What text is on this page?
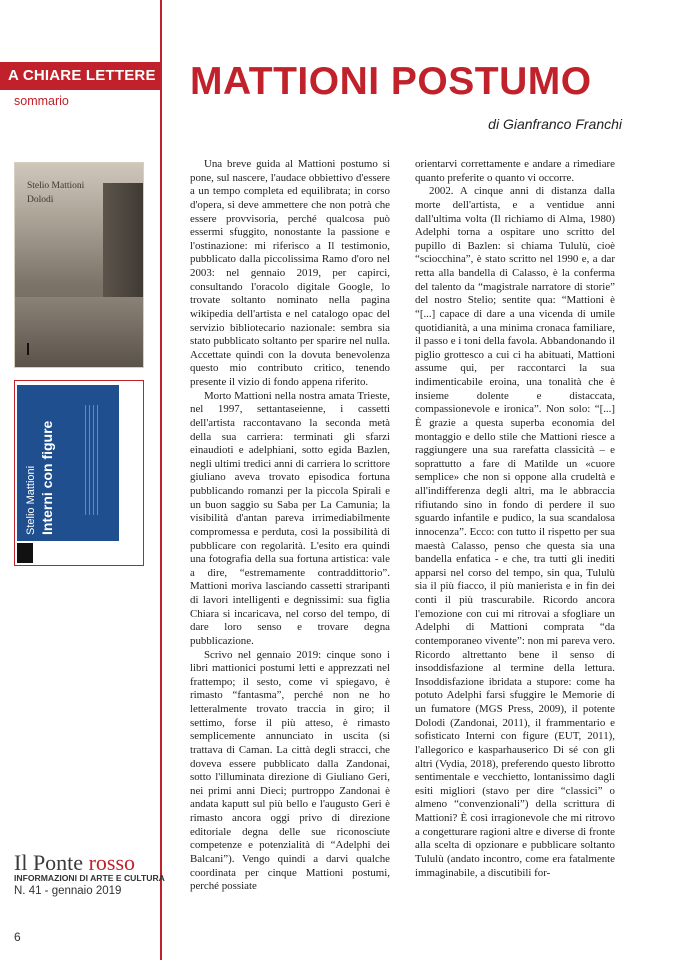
A CHIARE LETTERE
sommario	MATTIONI POSTUMO
di Gianfranco Franchi
Stelio Mattioni
Dolodi
Stelio Mattioni Interni con figure

Una breve guida al Mattioni postumo si pone, sul nascere, l'audace obbiettivo d'essere a un tempo completa ed equilibrata; in corso d'opera, si deve ammettere che non potrà che essere provvisoria, perché qualcosa può essermi sfuggito, nonostante la passione e l'ostinazione: mi riferisco a Il testimonio, pubblicato dalla piccolissima Ramo d'oro nel 2003: nel gennaio 2019, per capirci, consultando l'oracolo digitale Google, lo trovate soltanto nominato nella pagina wikipedia dell'artista e nel catalogo opac del servizio bibliotecario nazionale: sembra sia stato pubblicato soltanto per sparire nel nulla. Accettate quindi con la dovuta benevolenza questo mio contributo critico, tenendo presente il vizio di fondo appena riferito.

Morto Mattioni nella nostra amata Trieste, nel 1997, settantaseienne, i cassetti dell'artista raccontavano la seconda metà della sua carriera: terminati gli sfarzi einaudioti e adelphiani, sotto egida Bazlen, negli ultimi tredici anni di carriera lo scrittore giuliano aveva trovato episodica fortuna pubblicando romanzi per la piccola Spirali e un buon saggio su Saba per La Camunia; la visibilità d'antan pareva irrimediabilmente compromessa e perduta, così la possibilità di pubblicare con regolarità. L'esito era quindi una fotografia della sua fortuna artistica: vale a dire, “estremamente contraddittorio”. Mattioni moriva lasciando cassetti straripanti di lavori intelligenti e degnissimi: sua figlia Chiara si incaricava, nel corso del tempo, di dare loro senso e trovare degna pubblicazione.

Scrivo nel gennaio 2019: cinque sono i libri mattionici postumi letti e apprezzati nel frattempo; il sesto, come vi spiegavo, è rimasto “fantasma”, perché non ne ho letteralmente trovato traccia in giro; il settimo, forse il più atteso, è rimasto semplicemente annunciato in uscita (si trattava di Caman. La città degli stracci, che doveva essere pubblicato dalla Zandonai, sotto l'illuminata direzione di Giuliano Geri, nei primi anni Dieci; purtroppo Zandonai è andata kaputt sul più bello e l'augusto Geri è rimasto ancora oggi privo di direzione editoriale degna delle sue riconosciute competenze e potenzialità di “Adelphi dei Balcani”). Vengo quindi a darvi qualche coordinata per cinque Mattioni postumi, perché possiate

orientarvi correttamente e andare a rimediare quanto preferite o quanto vi occorre.

2002. A cinque anni di distanza dalla morte dell'artista, e a ventidue anni dall'ultima volta (Il richiamo di Alma, 1980) Adelphi torna a ospitare uno scritto del pupillo di Bazlen: si chiama Tululù, cioè “sciocchina”, è stato scritto nel 1990 e, a dar retta alla bandella di Calasso, è la conferma del talento da “magistrale narratore di storie” del nostro Stelio; sentite qua: “Mattioni è “[...] capace di dare a una vicenda di umile quotidianità, a una minima cronaca familiare, il passo e i toni della favola. Abbandonando il piglio grottesco a cui ci ha abituati, Mattioni assume qui, per raccontarci la sua indimenticabile eroina, una tonalità che è insieme dolente e distaccata, compassionevole e ironica”. Non solo: “[...] È grazie a questa superba economia del montaggio e dello stile che Mattioni riesce a raggiungere una sua rarefatta classicità – e soprattutto a fare di Matilde un «cuore semplice» che non si oppone alla crudeltà e all'indifferenza degli altri, ma le abbraccia rifiutando sino in fondo di perdere il suo sguardo infantile e pudico, la sua scandalosa innocenza”. Ecco: con tutto il rispetto per sua maestà Calasso, penso che questa sia una bandella enfatica - e che, tra tutti gli inediti apparsi nel corso del tempo, sin qua, Tululù sia il più fiacco, il più manierista e in fin dei conti il più trascurabile. Ricordo ancora l'emozione con cui mi ritrovai a sfogliare un Adelphi di Mattioni comprata “da contemporaneo vivente”: non mi pareva vero. Ricordo altrettanto bene il senso di insoddisfazione al termine della lettura. Insoddisfazione ibridata a stupore: come ha potuto Adelphi farsi sfuggire le Memorie di un fumatore (MGS Press, 2009), il potente Dolodi (Zandonai, 2011), il frammentario e sofisticato Interni con figure (EUT, 2011), l'allegorico e kasparhauserico Di sé con gli altri (Vydia, 2018), preferendo questo librotto sentimentale e vecchietto, lontanissimo dagli esiti migliori (stavo per dire “classici” o almeno “convenzionali”) della scrittura di Mattioni? È così irragionevole che mi ritrovo a congetturare ragioni altre e diverse di fronte alla scelta di opzionare e pubblicare soltanto Tululù (andato incontro, come era fatalmente immaginabile, a discutibili for-

Il Ponte rosso
INFORMAZIONI DI ARTE E CULTURA
N. 41 - gennaio 2019
6
